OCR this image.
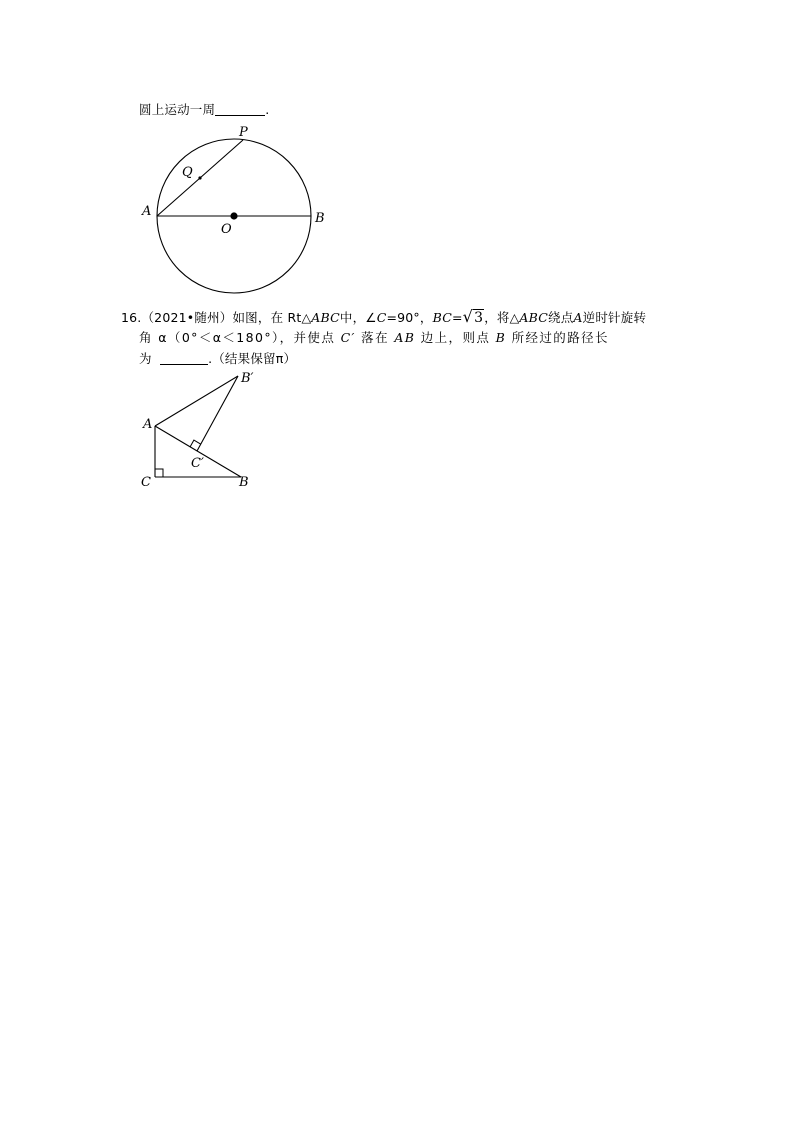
圆上运动一周	.
P
Q
A
O
B
16.（2021•随州）如图，在 Rt△ABC中，∠C=90°，BC=√3，将△ABC绕点A逆时针旋转
角 α（0°＜α＜180°），并使点 C′ 落在 AB 边上，则点 B 所经过的路径长
为	.（结果保留π）
B′
A
C′
C	B
